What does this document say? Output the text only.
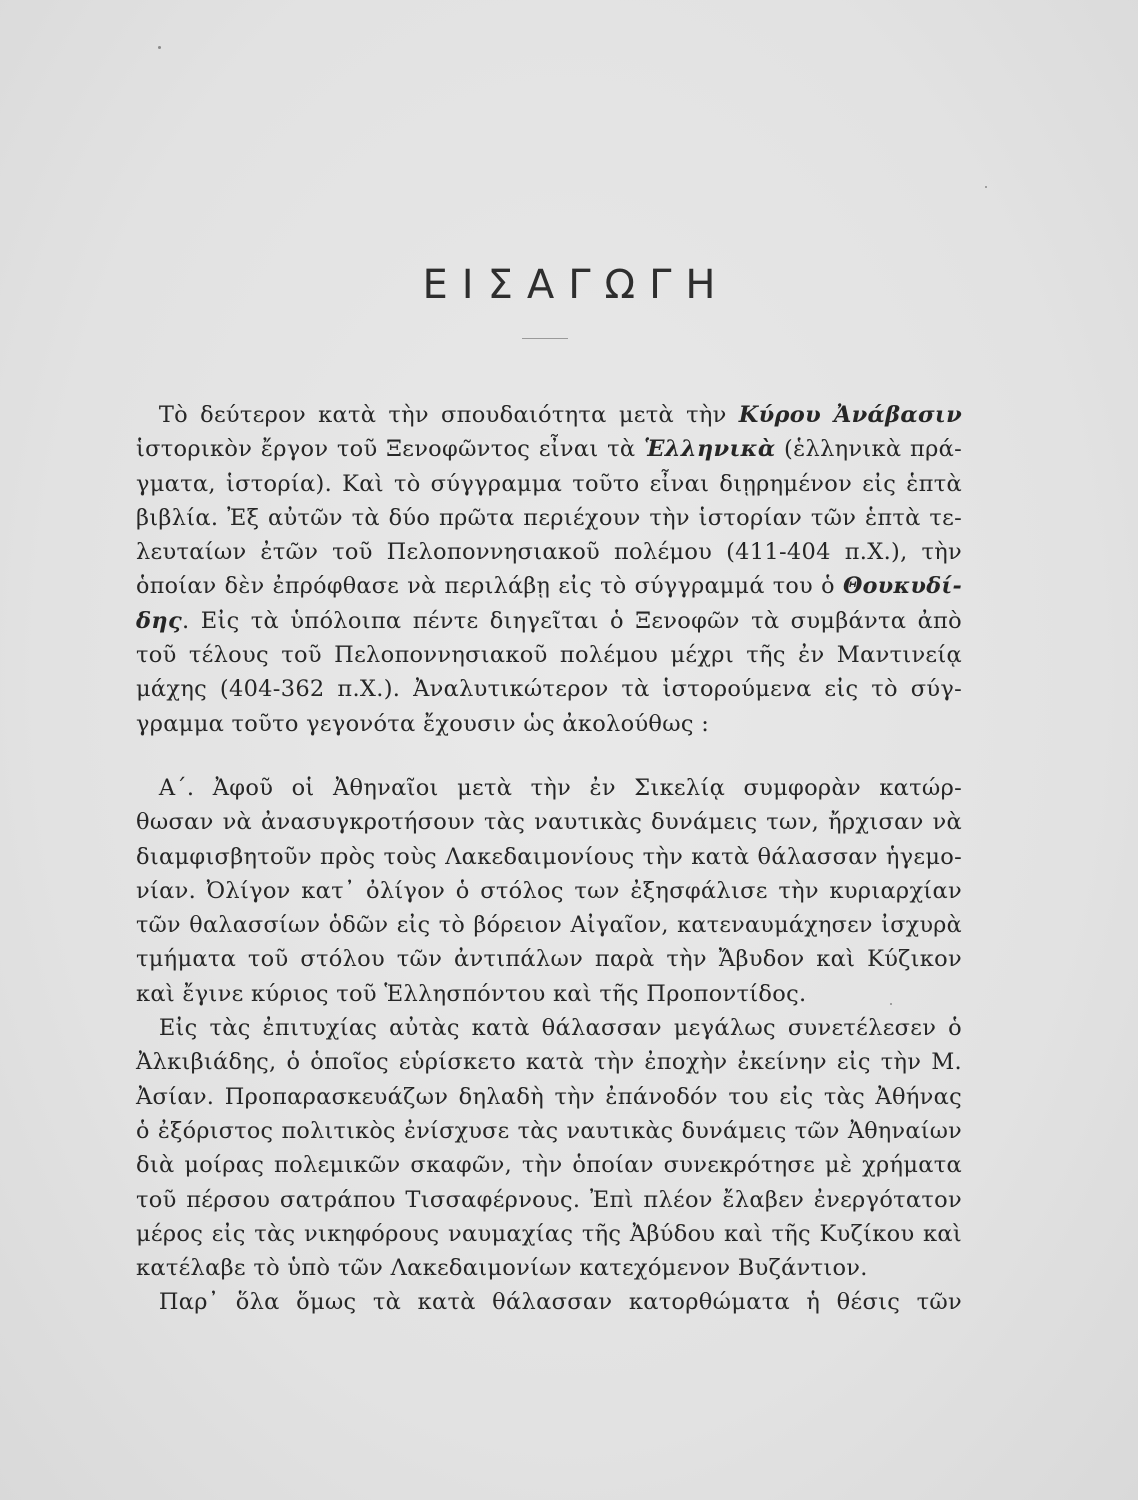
ΕΙΣΑΓΩΓΗ
 Τὸ δεύτερον κατὰ τὴν σπουδαιότητα μετὰ τὴν Κύρου Ἀνάβασιν
ἱστορικὸν ἔργον τοῦ Ξενοφῶντος εἶναι τὰ Ἑλληνικὰ (ἑλληνικὰ πρά-
γματα, ἱστορία). Καὶ τὸ σύγγραμμα τοῦτο εἶναι διῃρημένον εἰς ἑπτὰ
βιβλία. Ἐξ αὐτῶν τὰ δύο πρῶτα περιέχουν τὴν ἱστορίαν τῶν ἑπτὰ τε-
λευταίων ἐτῶν τοῦ Πελοποννησιακοῦ πολέμου (411-404 π.Χ.), τὴν
ὁποίαν δὲν ἐπρόφθασε νὰ περιλάβῃ εἰς τὸ σύγγραμμά του ὁ Θουκυδί-
δης. Εἰς τὰ ὑπόλοιπα πέντε διηγεῖται ὁ Ξενοφῶν τὰ συμβάντα ἀπὸ
τοῦ τέλους τοῦ Πελοποννησιακοῦ πολέμου μέχρι τῆς ἐν Μαντινείᾳ
μάχης (404-362 π.Χ.). Ἀναλυτικώτερον τὰ ἱστορούμενα εἰς τὸ σύγ-
γραμμα τοῦτο γεγονότα ἔχουσιν ὡς ἀκολούθως :
 Α΄. Ἀφοῦ οἱ Ἀθηναῖοι μετὰ τὴν ἐν Σικελίᾳ συμφορὰν κατώρ-
θωσαν νὰ ἀνασυγκροτήσουν τὰς ναυτικὰς δυνάμεις των, ἤρχισαν νὰ
διαμφισβητοῦν πρὸς τοὺς Λακεδαιμονίους τὴν κατὰ θάλασσαν ἡγεμο-
νίαν. Ὀλίγον κατ᾿ ὀλίγον ὁ στόλος των ἐξησφάλισε τὴν κυριαρχίαν
τῶν θαλασσίων ὁδῶν εἰς τὸ βόρειον Αἰγαῖον, κατεναυμάχησεν ἰσχυρὰ
τμήματα τοῦ στόλου τῶν ἀντιπάλων παρὰ τὴν Ἄβυδον καὶ Κύζικον
καὶ ἔγινε κύριος τοῦ Ἑλλησπόντου καὶ τῆς Προποντίδος.
 Εἰς τὰς ἐπιτυχίας αὐτὰς κατὰ θάλασσαν μεγάλως συνετέλεσεν ὁ
Ἀλκιβιάδης, ὁ ὁποῖος εὑρίσκετο κατὰ τὴν ἐποχὴν ἐκείνην εἰς τὴν Μ.
Ἀσίαν. Προπαρασκευάζων δηλαδὴ τὴν ἐπάνοδόν του εἰς τὰς Ἀθήνας
ὁ ἐξόριστος πολιτικὸς ἐνίσχυσε τὰς ναυτικὰς δυνάμεις τῶν Ἀθηναίων
διὰ μοίρας πολεμικῶν σκαφῶν, τὴν ὁποίαν συνεκρότησε μὲ χρήματα
τοῦ πέρσου σατράπου Τισσαφέρνους. Ἐπὶ πλέον ἔλαβεν ἐνεργότατον
μέρος εἰς τὰς νικηφόρους ναυμαχίας τῆς Ἀβύδου καὶ τῆς Κυζίκου καὶ
κατέλαβε τὸ ὑπὸ τῶν Λακεδαιμονίων κατεχόμενον Βυζάντιον.
 Παρ᾿ ὅλα ὅμως τὰ κατὰ θάλασσαν κατορθώματα ἡ θέσις τῶν
